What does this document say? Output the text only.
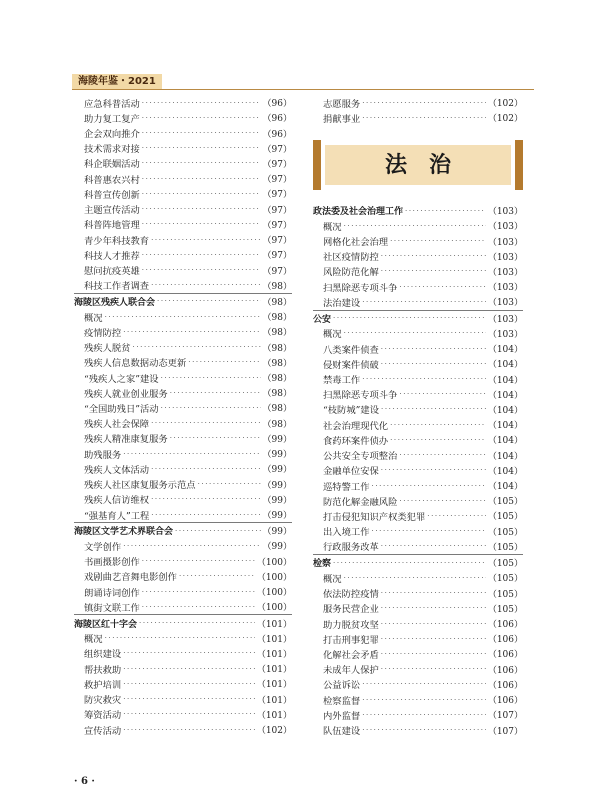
海陵年鉴・2021
应急科普活动 ·····	（96）
助力复工复产 ·····	（96）
企会双向推介 ·····	（96）
技术需求对接 ·····	（97）
科企联姻活动 ·····	（97）
科普惠农兴村 ·····	（97）
科普宣传创新 ·····	（97）
主题宣传活动 ·····	（97）
科普阵地管理 ·····	（97）
青少年科技教育 ·····	（97）
科技人才推荐 ·····	（97）
慰问抗疫英雄 ·····	（97）
科技工作者调查 ·····	（98）
海陵区残疾人联合会 ·····	（98）
概况 ·····	（98）
疫情防控 ·····	（98）
残疾人脱贫 ·····	（98）
残疾人信息数据动态更新 ·····	（98）
“残疾人之家”建设 ·····	（98）
残疾人就业创业服务 ·····	（98）
“全国助残日”活动 ·····	（98）
残疾人社会保障 ·····	（98）
残疾人精准康复服务 ·····	（99）
助残服务 ·····	（99）
残疾人文体活动 ·····	（99）
残疾人社区康复服务示范点 ·····	（99）
残疾人信访维权 ·····	（99）
“强基育人”工程 ·····	（99）
海陵区文学艺术界联合会 ·····	（99）
文学创作 ·····	（99）
书画摄影创作 ·····	（100）
戏剧曲艺音舞电影创作 ·····	（100）
朗诵诗词创作 ·····	（100）
镇街文联工作 ·····	（100）
海陵区红十字会 ·····	（101）
概况 ·····	（101）
组织建设 ·····	（101）
帮扶救助 ·····	（101）
救护培训 ·····	（101）
防灾救灾 ·····	（101）
筹资活动 ·····	（101）
宣传活动 ·····	（102）
志愿服务 ·····	（102）
捐献事业 ·····	（102）
法治
政法委及社会治理工作 ·····	（103）
概况 ·····	（103）
网格化社会治理 ·····	（103）
社区疫情防控 ·····	（103）
风险防范化解 ·····	（103）
扫黑除恶专项斗争 ·····	（103）
法治建设 ·····	（103）
公安 ·····	（103）
概况 ·····	（103）
八类案件侦查 ·····	（104）
侵财案件侦破 ·····	（104）
禁毒工作 ·····	（104）
扫黑除恶专项斗争 ·····	（104）
“枝防城”建设 ·····	（104）
社会治理现代化 ·····	（104）
食药环案件侦办 ·····	（104）
公共安全专项整治 ·····	（104）
金融单位安保 ·····	（104）
巡特警工作 ·····	（104）
防范化解金融风险 ·····	（105）
打击侵犯知识产权类犯罪 ·····	（105）
出入境工作 ·····	（105）
行政服务改革 ·····	（105）
检察 ·····	（105）
概况 ·····	（105）
依法防控疫情 ·····	（105）
服务民营企业 ·····	（105）
助力脱贫攻坚 ·····	（106）
打击刑事犯罪 ·····	（106）
化解社会矛盾 ·····	（106）
未成年人保护 ·····	（106）
公益诉讼 ·····	（106）
检察监督 ·····	（106）
内外监督 ·····	（107）
队伍建设 ·····	（107）
· 6 ·
